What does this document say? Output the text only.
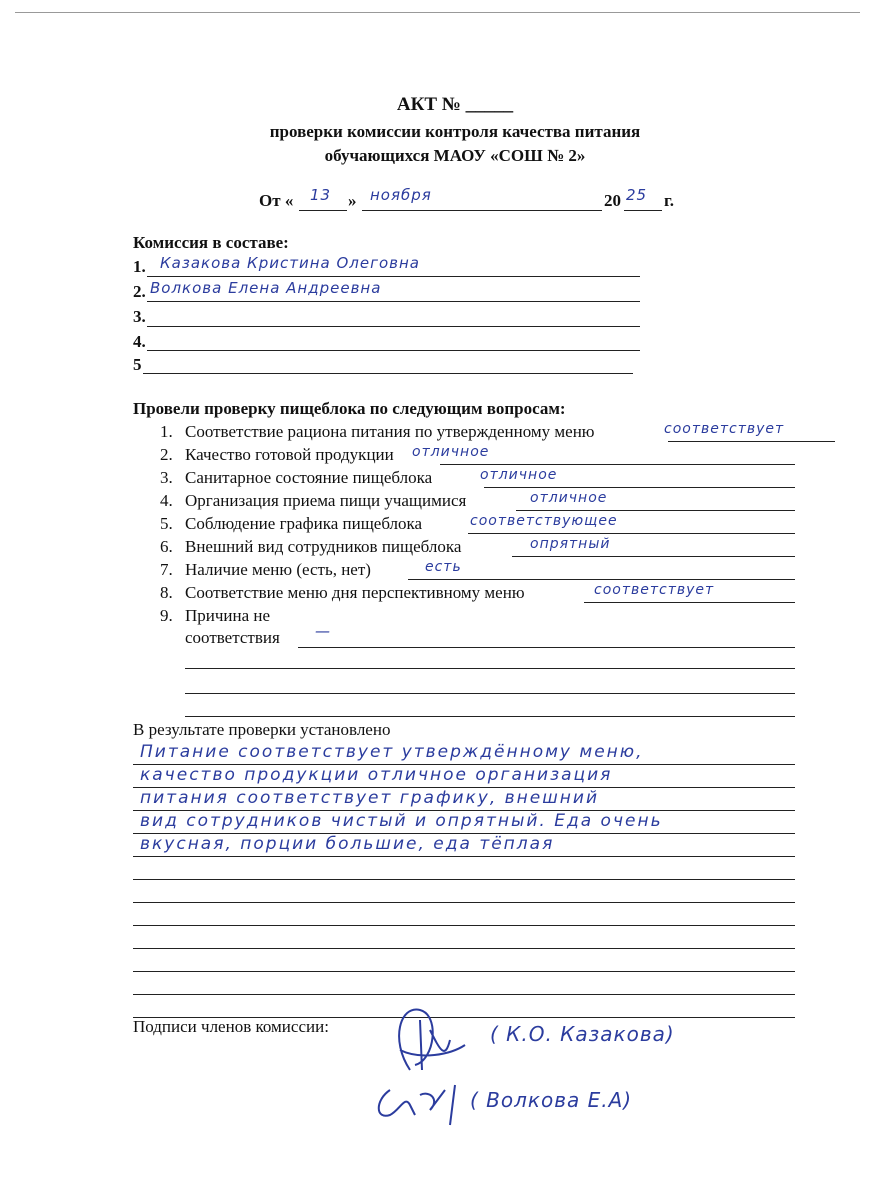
АКТ № _____
проверки комиссии контроля качества питания
обучающихся МАОУ «СОШ № 2»
От « 13 » ноября	20 25 г.
Комиссия в составе:
1. Казакова Кристина Олеговна
2. Волкова Елена Андреевна
3.
4.
5
Провели проверку пищеблока по следующим вопросам:
1. Соответствие рациона питания по утвержденному меню	соответствует
2. Качество готовой продукции отличное
3. Санитарное состояние пищеблока	отличное
4. Организация приема пищи учащимися	отличное
5. Соблюдение графика пищеблока	соответствующее
6. Внешний вид сотрудников пищеблока	опрятный
7. Наличие меню (есть, нет)	есть
8. Соответствие меню дня перспективному меню	соответствует
9. Причина не
соответствия —
В результате проверки установлено
Питание соответствует утверждённому меню,
качество продукции отличное организация
питания соответствует графику, внешний
вид сотрудников чистый и опрятный. Еда очень
вкусная, порции большие, еда тёплая
Подписи членов комиссии:	( К.О. Казакова)
( Волкова Е.А)
